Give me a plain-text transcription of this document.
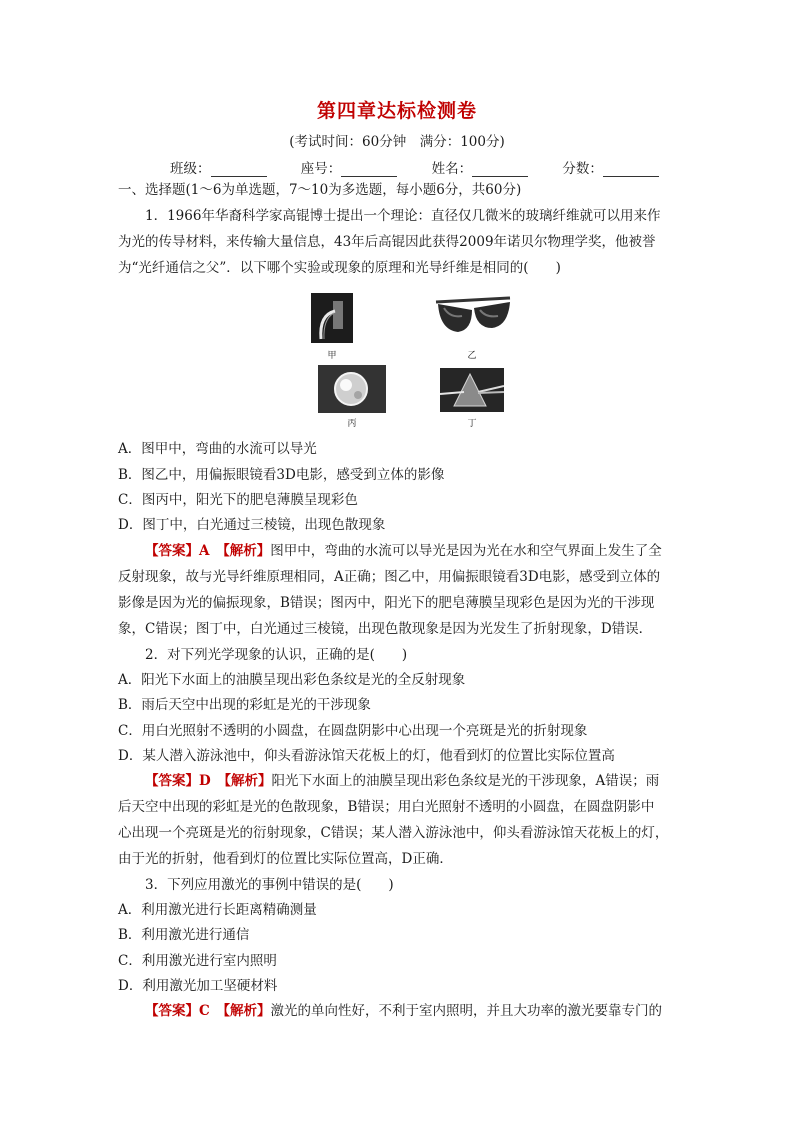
第四章达标检测卷
(考试时间：60分钟　满分：100分)
班级：	座号：	姓名：	分数：
一、选择题(1～6为单选题，7～10为多选题，每小题6分，共60分)
1．1966年华裔科学家高锟博士提出一个理论：直径仅几微米的玻璃纤维就可以用来作
为光的传导材料，来传输大量信息，43年后高锟因此获得2009年诺贝尔物理学奖，他被誉
为“光纤通信之父”．以下哪个实验或现象的原理和光导纤维是相同的(　　)
甲	乙
丙	丁
A．图甲中，弯曲的水流可以导光
B．图乙中，用偏振眼镜看3D电影，感受到立体的影像
C．图丙中，阳光下的肥皂薄膜呈现彩色
D．图丁中，白光通过三棱镜，出现色散现象
【答案】A　【解析】图甲中，弯曲的水流可以导光是因为光在水和空气界面上发生了全
反射现象，故与光导纤维原理相同，A正确；图乙中，用偏振眼镜看3D电影，感受到立体的
影像是因为光的偏振现象，B错误；图丙中，阳光下的肥皂薄膜呈现彩色是因为光的干涉现
象，C错误；图丁中，白光通过三棱镜，出现色散现象是因为光发生了折射现象，D错误．
2．对下列光学现象的认识，正确的是(　　)
A．阳光下水面上的油膜呈现出彩色条纹是光的全反射现象
B．雨后天空中出现的彩虹是光的干涉现象
C．用白光照射不透明的小圆盘，在圆盘阴影中心出现一个亮斑是光的折射现象
D．某人潜入游泳池中，仰头看游泳馆天花板上的灯，他看到灯的位置比实际位置高
【答案】D　【解析】阳光下水面上的油膜呈现出彩色条纹是光的干涉现象，A错误；雨
后天空中出现的彩虹是光的色散现象，B错误；用白光照射不透明的小圆盘，在圆盘阴影中
心出现一个亮斑是光的衍射现象，C错误；某人潜入游泳池中，仰头看游泳馆天花板上的灯，
由于光的折射，他看到灯的位置比实际位置高，D正确．
3．下列应用激光的事例中错误的是(　　)
A．利用激光进行长距离精确测量
B．利用激光进行通信
C．利用激光进行室内照明
D．利用激光加工坚硬材料
【答案】C　【解析】激光的单向性好，不利于室内照明，并且大功率的激光要靠专门的
